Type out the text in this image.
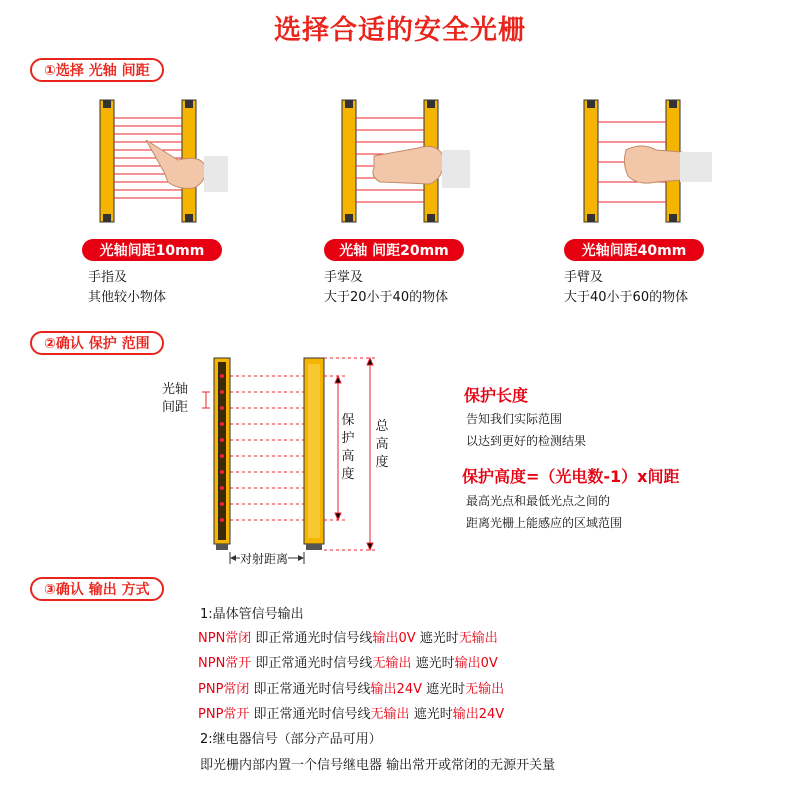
选择合适的安全光栅
①选择 光轴 间距
光轴间距10mm	光轴 间距20mm	光轴间距40mm
手指及
其他较小物体
手掌及
大于20小于40的物体
手臂及
大于40小于60的物体
②确认 保护 范围
光轴
间距
保
护
高
度
总
高
度
对射距离
保护长度
告知我们实际范围
以达到更好的检测结果
保护高度=（光电数-1）x间距
最高光点和最低光点之间的
距离光栅上能感应的区域范围
③确认 输出 方式
1:晶体管信号输出
NPN常闭 即正常通光时信号线输出0V 遮光时无输出
NPN常开 即正常通光时信号线无输出 遮光时输出0V
PNP常闭 即正常通光时信号线输出24V 遮光时无输出
PNP常开 即正常通光时信号线无输出 遮光时输出24V
2:继电器信号（部分产品可用）
即光栅内部内置一个信号继电器 输出常开或常闭的无源开关量
